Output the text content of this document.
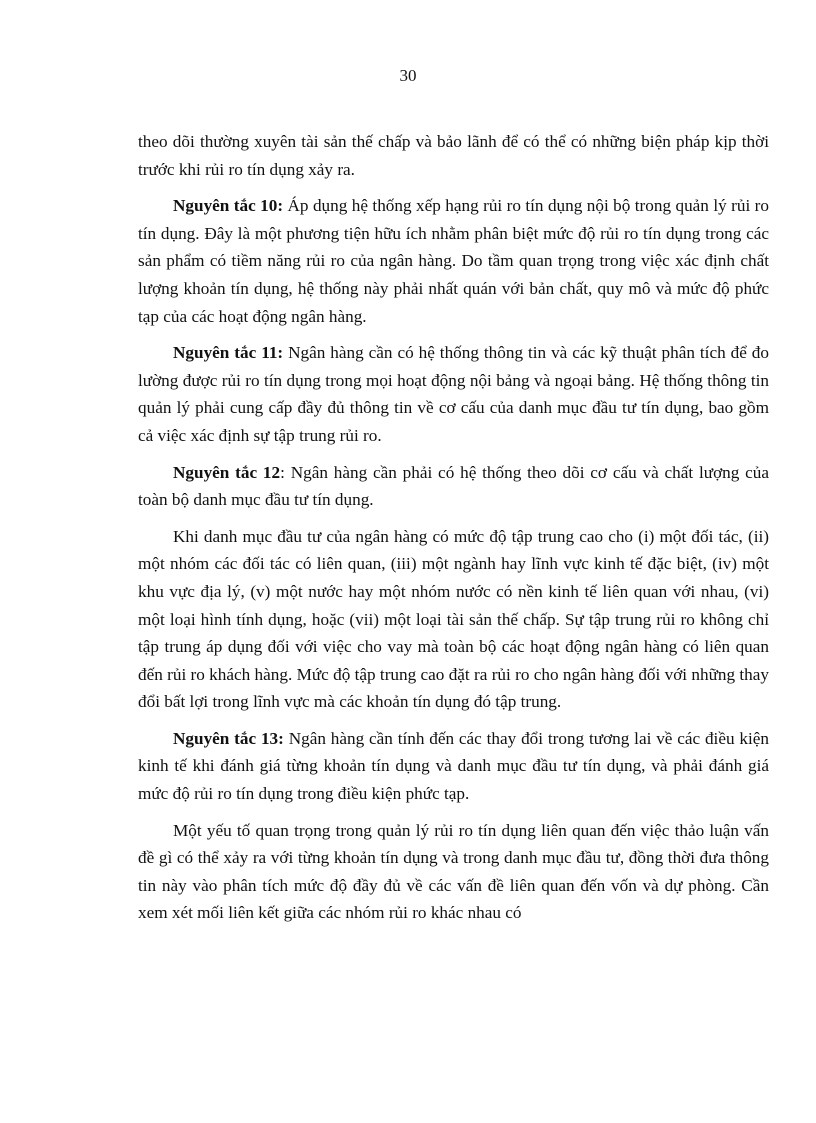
30

theo dõi thường xuyên tài sản thế chấp và bảo lãnh để có thể có những biện pháp kịp thời trước khi rủi ro tín dụng xảy ra.

Nguyên tắc 10: Áp dụng hệ thống xếp hạng rủi ro tín dụng nội bộ trong quản lý rủi ro tín dụng. Đây là một phương tiện hữu ích nhằm phân biệt mức độ rủi ro tín dụng trong các sản phẩm có tiềm năng rủi ro của ngân hàng. Do tầm quan trọng trong việc xác định chất lượng khoản tín dụng, hệ thống này phải nhất quán với bản chất, quy mô và mức độ phức tạp của các hoạt động ngân hàng.

Nguyên tắc 11: Ngân hàng cần có hệ thống thông tin và các kỹ thuật phân tích để đo lường được rủi ro tín dụng trong mọi hoạt động nội bảng và ngoại bảng. Hệ thống thông tin quản lý phải cung cấp đầy đủ thông tin về cơ cấu của danh mục đầu tư tín dụng, bao gồm cả việc xác định sự tập trung rủi ro.

Nguyên tắc 12: Ngân hàng cần phải có hệ thống theo dõi cơ cấu và chất lượng của toàn bộ danh mục đầu tư tín dụng.

Khi danh mục đầu tư của ngân hàng có mức độ tập trung cao cho (i) một đối tác, (ii) một nhóm các đối tác có liên quan, (iii) một ngành hay lĩnh vực kinh tế đặc biệt, (iv) một khu vực địa lý, (v) một nước hay một nhóm nước có nền kinh tế liên quan với nhau, (vi) một loại hình tính dụng, hoặc (vii) một loại tài sản thế chấp. Sự tập trung rủi ro không chỉ tập trung áp dụng đối với việc cho vay mà toàn bộ các hoạt động ngân hàng có liên quan đến rủi ro khách hàng. Mức độ tập trung cao đặt ra rủi ro cho ngân hàng đối với những thay đổi bất lợi trong lĩnh vực mà các khoản tín dụng đó tập trung.

Nguyên tắc 13: Ngân hàng cần tính đến các thay đổi trong tương lai về các điều kiện kinh tế khi đánh giá từng khoản tín dụng và danh mục đầu tư tín dụng, và phải đánh giá mức độ rủi ro tín dụng trong điều kiện phức tạp.

Một yếu tố quan trọng trong quản lý rủi ro tín dụng liên quan đến việc thảo luận vấn đề gì có thể xảy ra với từng khoản tín dụng và trong danh mục đầu tư, đồng thời đưa thông tin này vào phân tích mức độ đầy đủ về các vấn đề liên quan đến vốn và dự phòng. Cần xem xét mối liên kết giữa các nhóm rủi ro khác nhau có
